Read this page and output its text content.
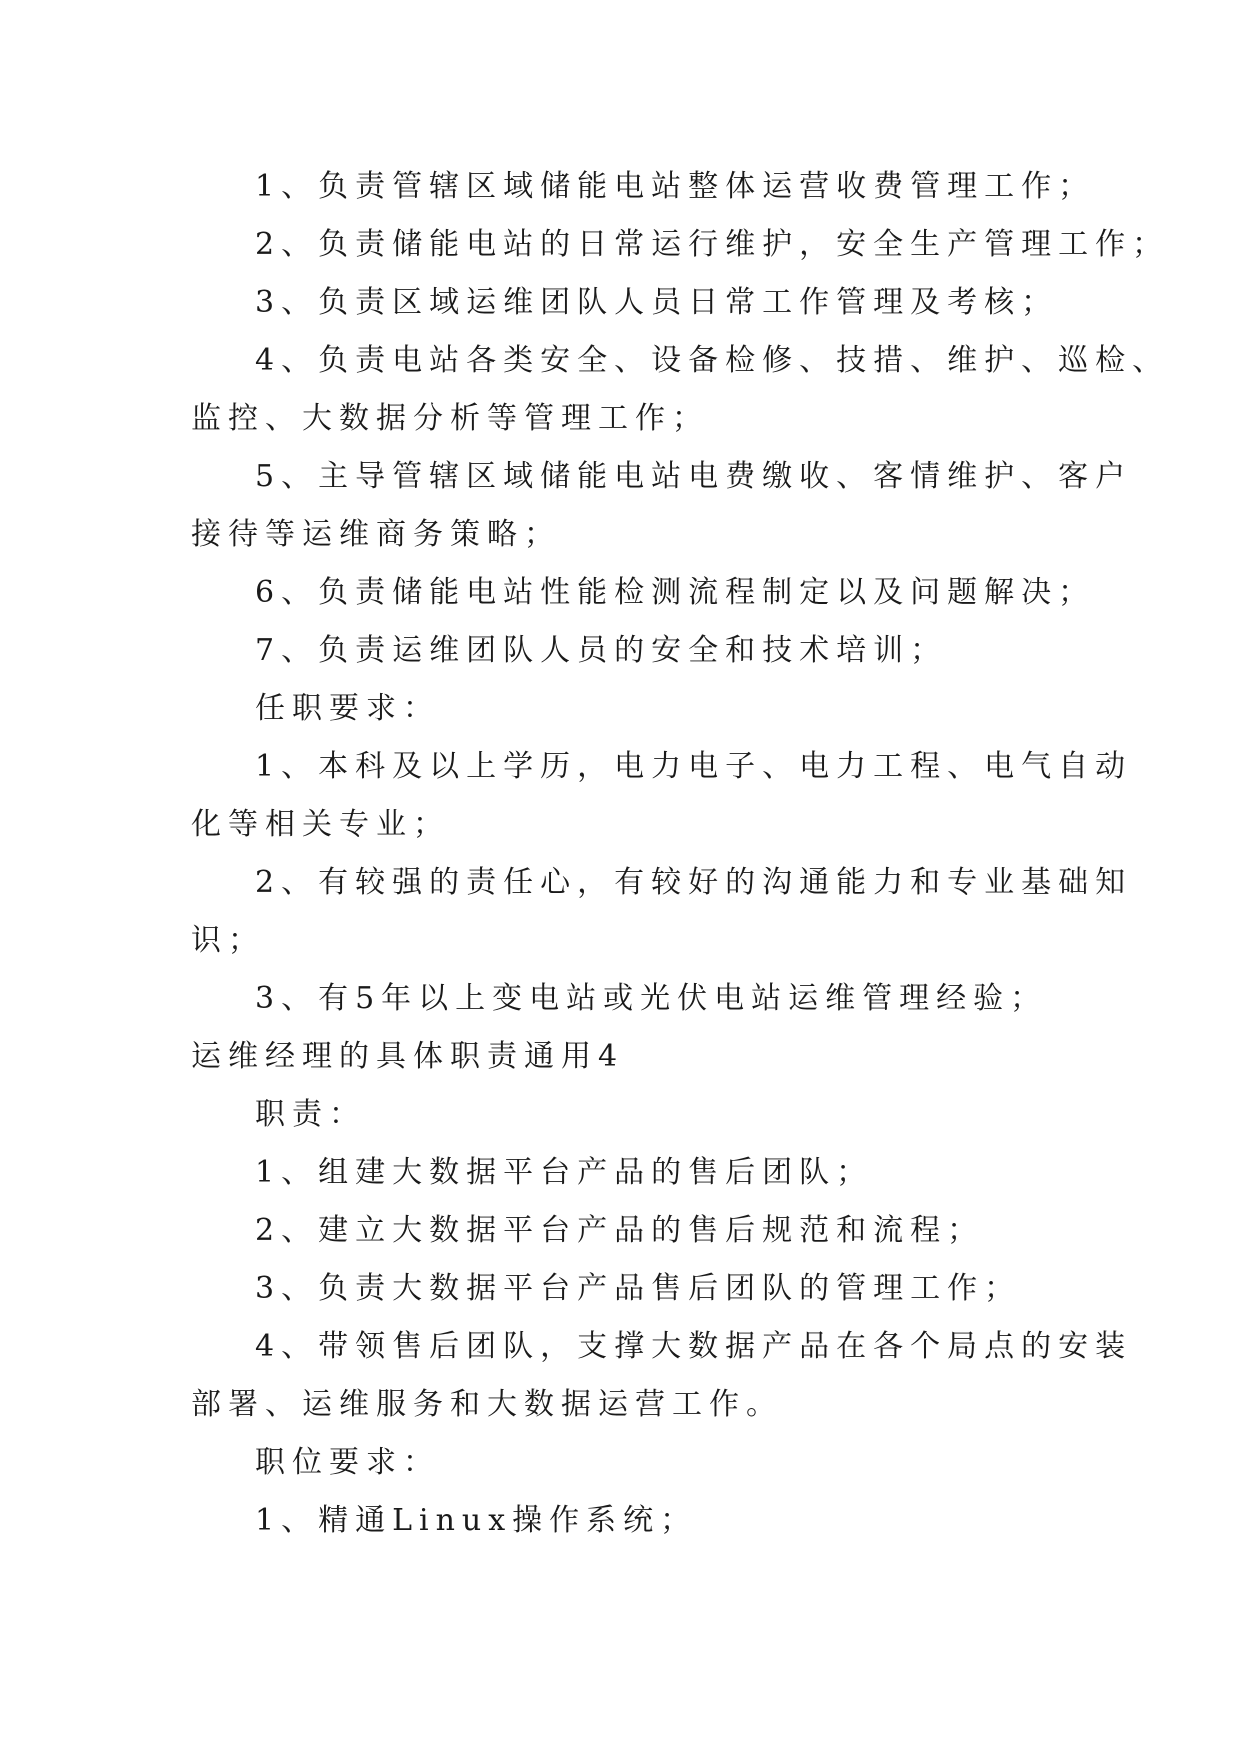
1、负责管辖区域储能电站整体运营收费管理工作；
2、负责储能电站的日常运行维护，安全生产管理工作；
3、负责区域运维团队人员日常工作管理及考核；
4、负责电站各类安全、设备检修、技措、维护、巡检、
监控、大数据分析等管理工作；
5、主导管辖区域储能电站电费缴收、客情维护、客户
接待等运维商务策略；
6、负责储能电站性能检测流程制定以及问题解决；
7、负责运维团队人员的安全和技术培训；
任职要求：
1、本科及以上学历，电力电子、电力工程、电气自动
化等相关专业；
2、有较强的责任心，有较好的沟通能力和专业基础知
识；
3、有5年以上变电站或光伏电站运维管理经验；
运维经理的具体职责通用4
职责：
1、组建大数据平台产品的售后团队；
2、建立大数据平台产品的售后规范和流程；
3、负责大数据平台产品售后团队的管理工作；
4、带领售后团队，支撑大数据产品在各个局点的安装
部署、运维服务和大数据运营工作。
职位要求：
1、精通Linux操作系统；
